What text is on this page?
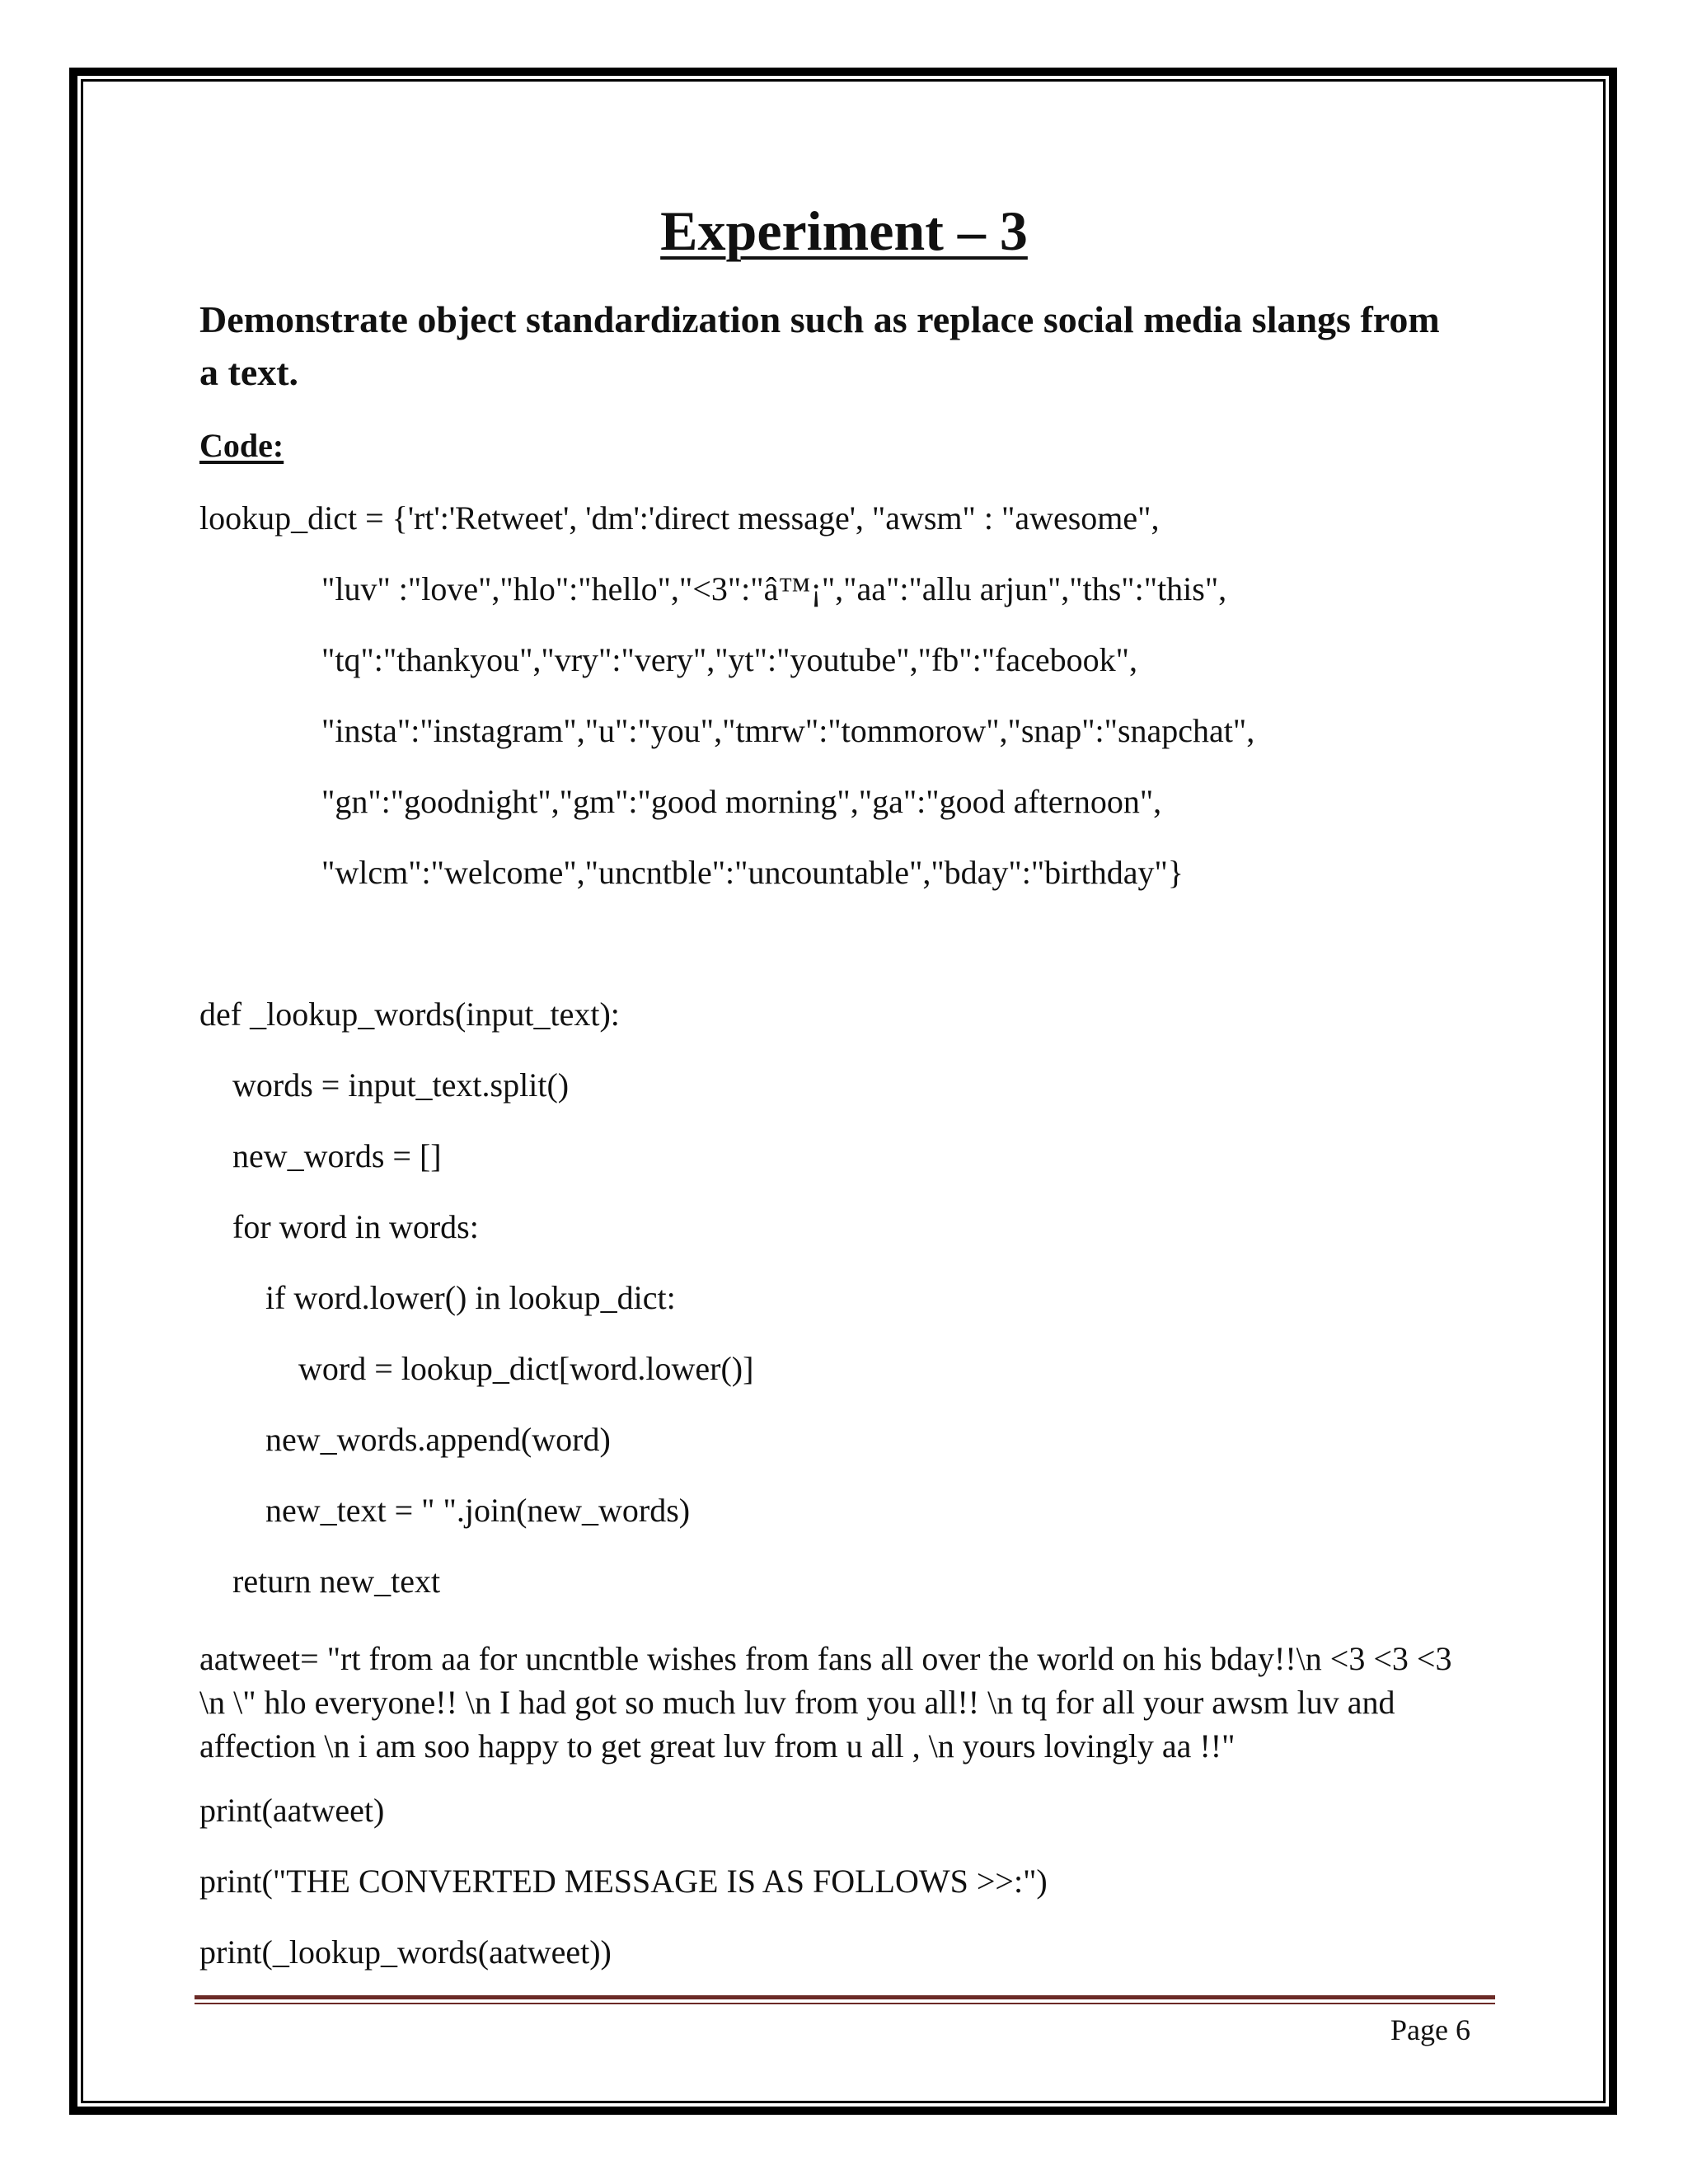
Experiment – 3
Demonstrate object standardization such as replace social media slangs from
a text.
Code:
lookup_dict = {'rt':'Retweet', 'dm':'direct message', "awsm" : "awesome",
"luv" :"love","hlo":"hello","<3":"â™¡","aa":"allu arjun","ths":"this",
"tq":"thankyou","vry":"very","yt":"youtube","fb":"facebook",
"insta":"instagram","u":"you","tmrw":"tommorow","snap":"snapchat",
"gn":"goodnight","gm":"good morning","ga":"good afternoon",
"wlcm":"welcome","uncntble":"uncountable","bday":"birthday"}
def _lookup_words(input_text):
words = input_text.split()
new_words = []
for word in words:
if word.lower() in lookup_dict:
word = lookup_dict[word.lower()]
new_words.append(word)
new_text = " ".join(new_words)
return new_text
aatweet= "rt from aa for uncntble wishes from fans all over the world on his bday!!\n <3 <3 <3
\n \" hlo everyone!! \n I had got so much luv from you all!! \n tq for all your awsm luv and
affection \n i am soo happy to get great luv from u all , \n yours lovingly aa !!"
print(aatweet)
print("THE CONVERTED MESSAGE IS AS FOLLOWS >>:")
print(_lookup_words(aatweet))
Page 6
